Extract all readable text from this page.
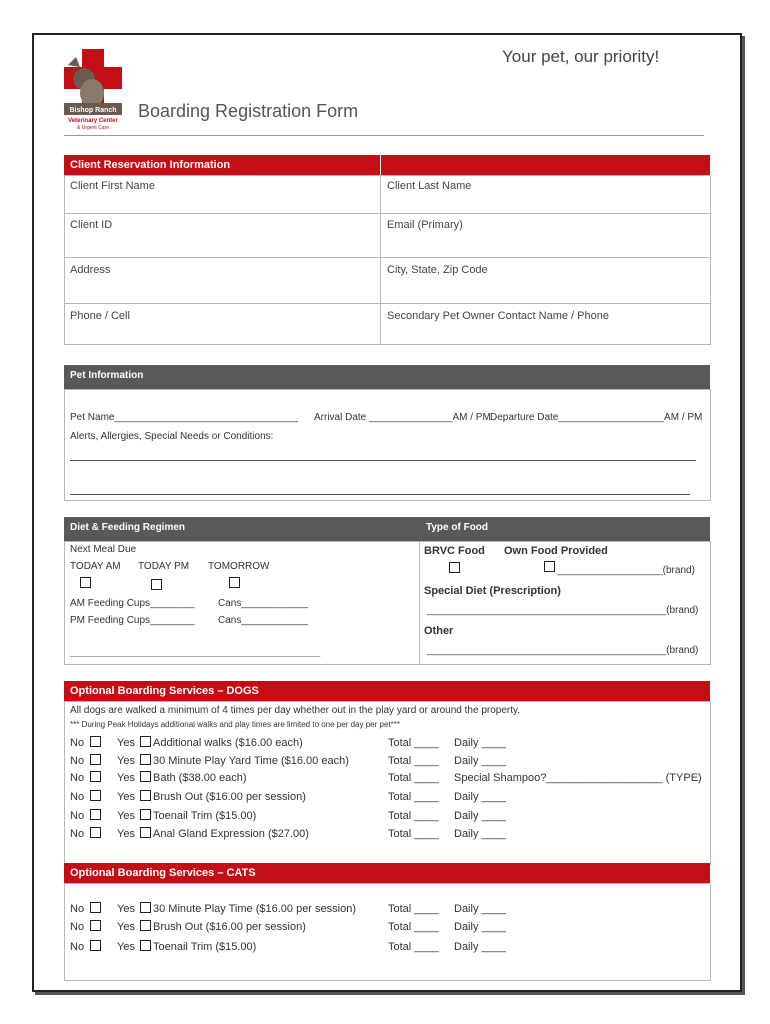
Bishop Ranch
Veterinary Center
& Urgent Care
Your pet, our priority!
Boarding Registration Form
Client Reservation Information
Client First Name	Client Last Name
Client ID	Email (Primary)
Address	City, State, Zip Code
Phone / Cell	Secondary Pet Owner Contact Name / Phone
Pet Information
Pet Name_________________________________ Arrival Date _______________AM / PM Departure Date___________________AM / PM
Alerts, Allergies, Special Needs or Conditions:
Diet & Feeding Regimen	Type of Food
Next Meal Due
TODAY AM TODAY PM TOMORROW
AM Feeding Cups________ Cans____________
PM Feeding Cups________ Cans____________
_____________________________________________
BRVC Food Own Food Provided
___________________(brand)
Special Diet (Prescription)
___________________________________________(brand)
Other
___________________________________________(brand)
Optional Boarding Services – DOGS
All dogs are walked a minimum of 4 times per day whether out in the play yard or around the property.
*** During Peak Holidays additional walks and play times are limited to one per day per pet***
No	Yes Additional walks ($16.00 each)	Total ____ Daily ____
No	Yes 30 Minute Play Yard Time ($16.00 each)	Total ____ Daily ____
No	Yes Bath ($38.00 each)	Total ____ Special Shampoo?___________________ (TYPE)
No	Yes Brush Out ($16.00 per session)	Total ____ Daily ____
No	Yes Toenail Trim ($15.00)	Total ____ Daily ____
No	Yes Anal Gland Expression ($27.00)	Total ____ Daily ____
Optional Boarding Services – CATS
No	Yes 30 Minute Play Time ($16.00 per session)	Total ____ Daily ____
No	Yes Brush Out ($16.00 per session)	Total ____ Daily ____
No	Yes Toenail Trim ($15.00)	Total ____ Daily ____
